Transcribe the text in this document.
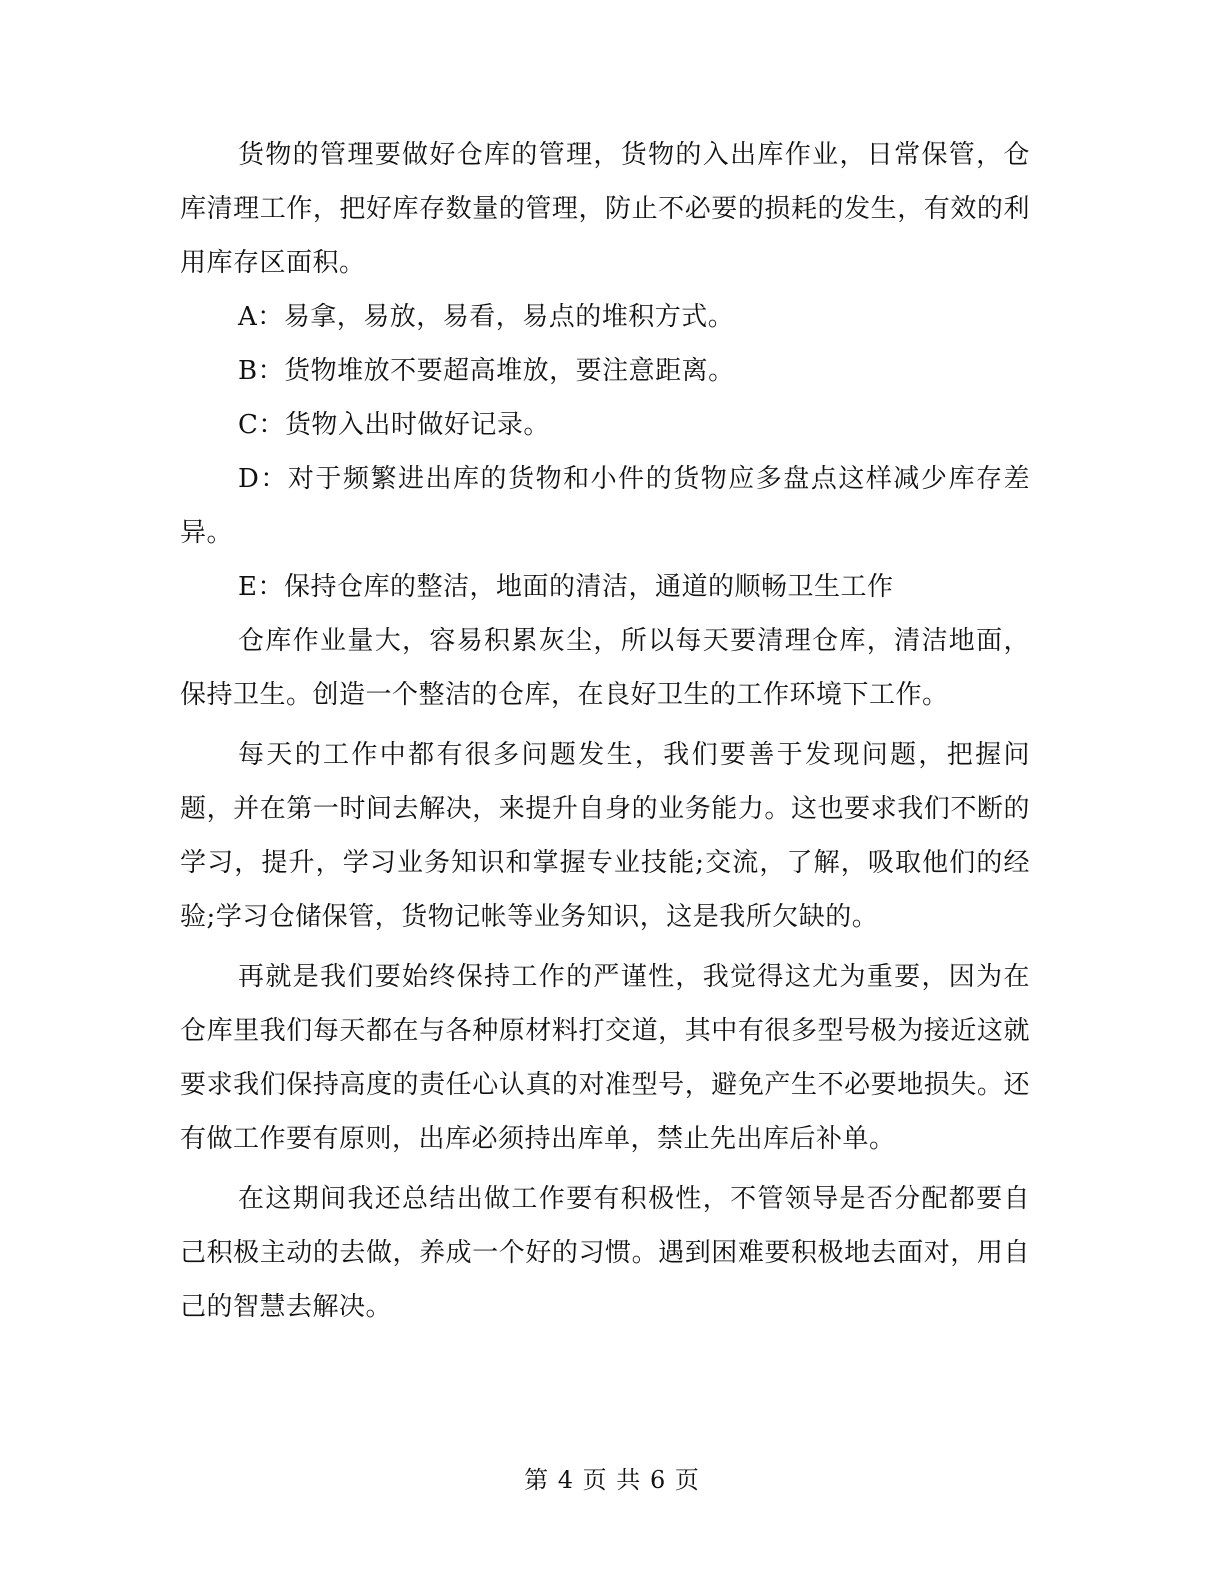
货物的管理要做好仓库的管理，货物的入出库作业，日常保管，仓库清理工作，把好库存数量的管理，防止不必要的损耗的发生，有效的利用库存区面积。

A：易拿，易放，易看，易点的堆积方式。

B：货物堆放不要超高堆放，要注意距离。

C：货物入出时做好记录。

D：对于频繁进出库的货物和小件的货物应多盘点这样减少库存差异。

E：保持仓库的整洁，地面的清洁，通道的顺畅卫生工作

仓库作业量大，容易积累灰尘，所以每天要清理仓库，清洁地面，保持卫生。创造一个整洁的仓库，在良好卫生的工作环境下工作。

每天的工作中都有很多问题发生，我们要善于发现问题，把握问题，并在第一时间去解决，来提升自身的业务能力。这也要求我们不断的学习，提升，学习业务知识和掌握专业技能;交流，了解，吸取他们的经验;学习仓储保管，货物记帐等业务知识，这是我所欠缺的。

再就是我们要始终保持工作的严谨性，我觉得这尤为重要，因为在仓库里我们每天都在与各种原材料打交道，其中有很多型号极为接近这就要求我们保持高度的责任心认真的对准型号，避免产生不必要地损失。还有做工作要有原则，出库必须持出库单，禁止先出库后补单。

在这期间我还总结出做工作要有积极性，不管领导是否分配都要自己积极主动的去做，养成一个好的习惯。遇到困难要积极地去面对，用自己的智慧去解决。

第 4 页 共 6 页
